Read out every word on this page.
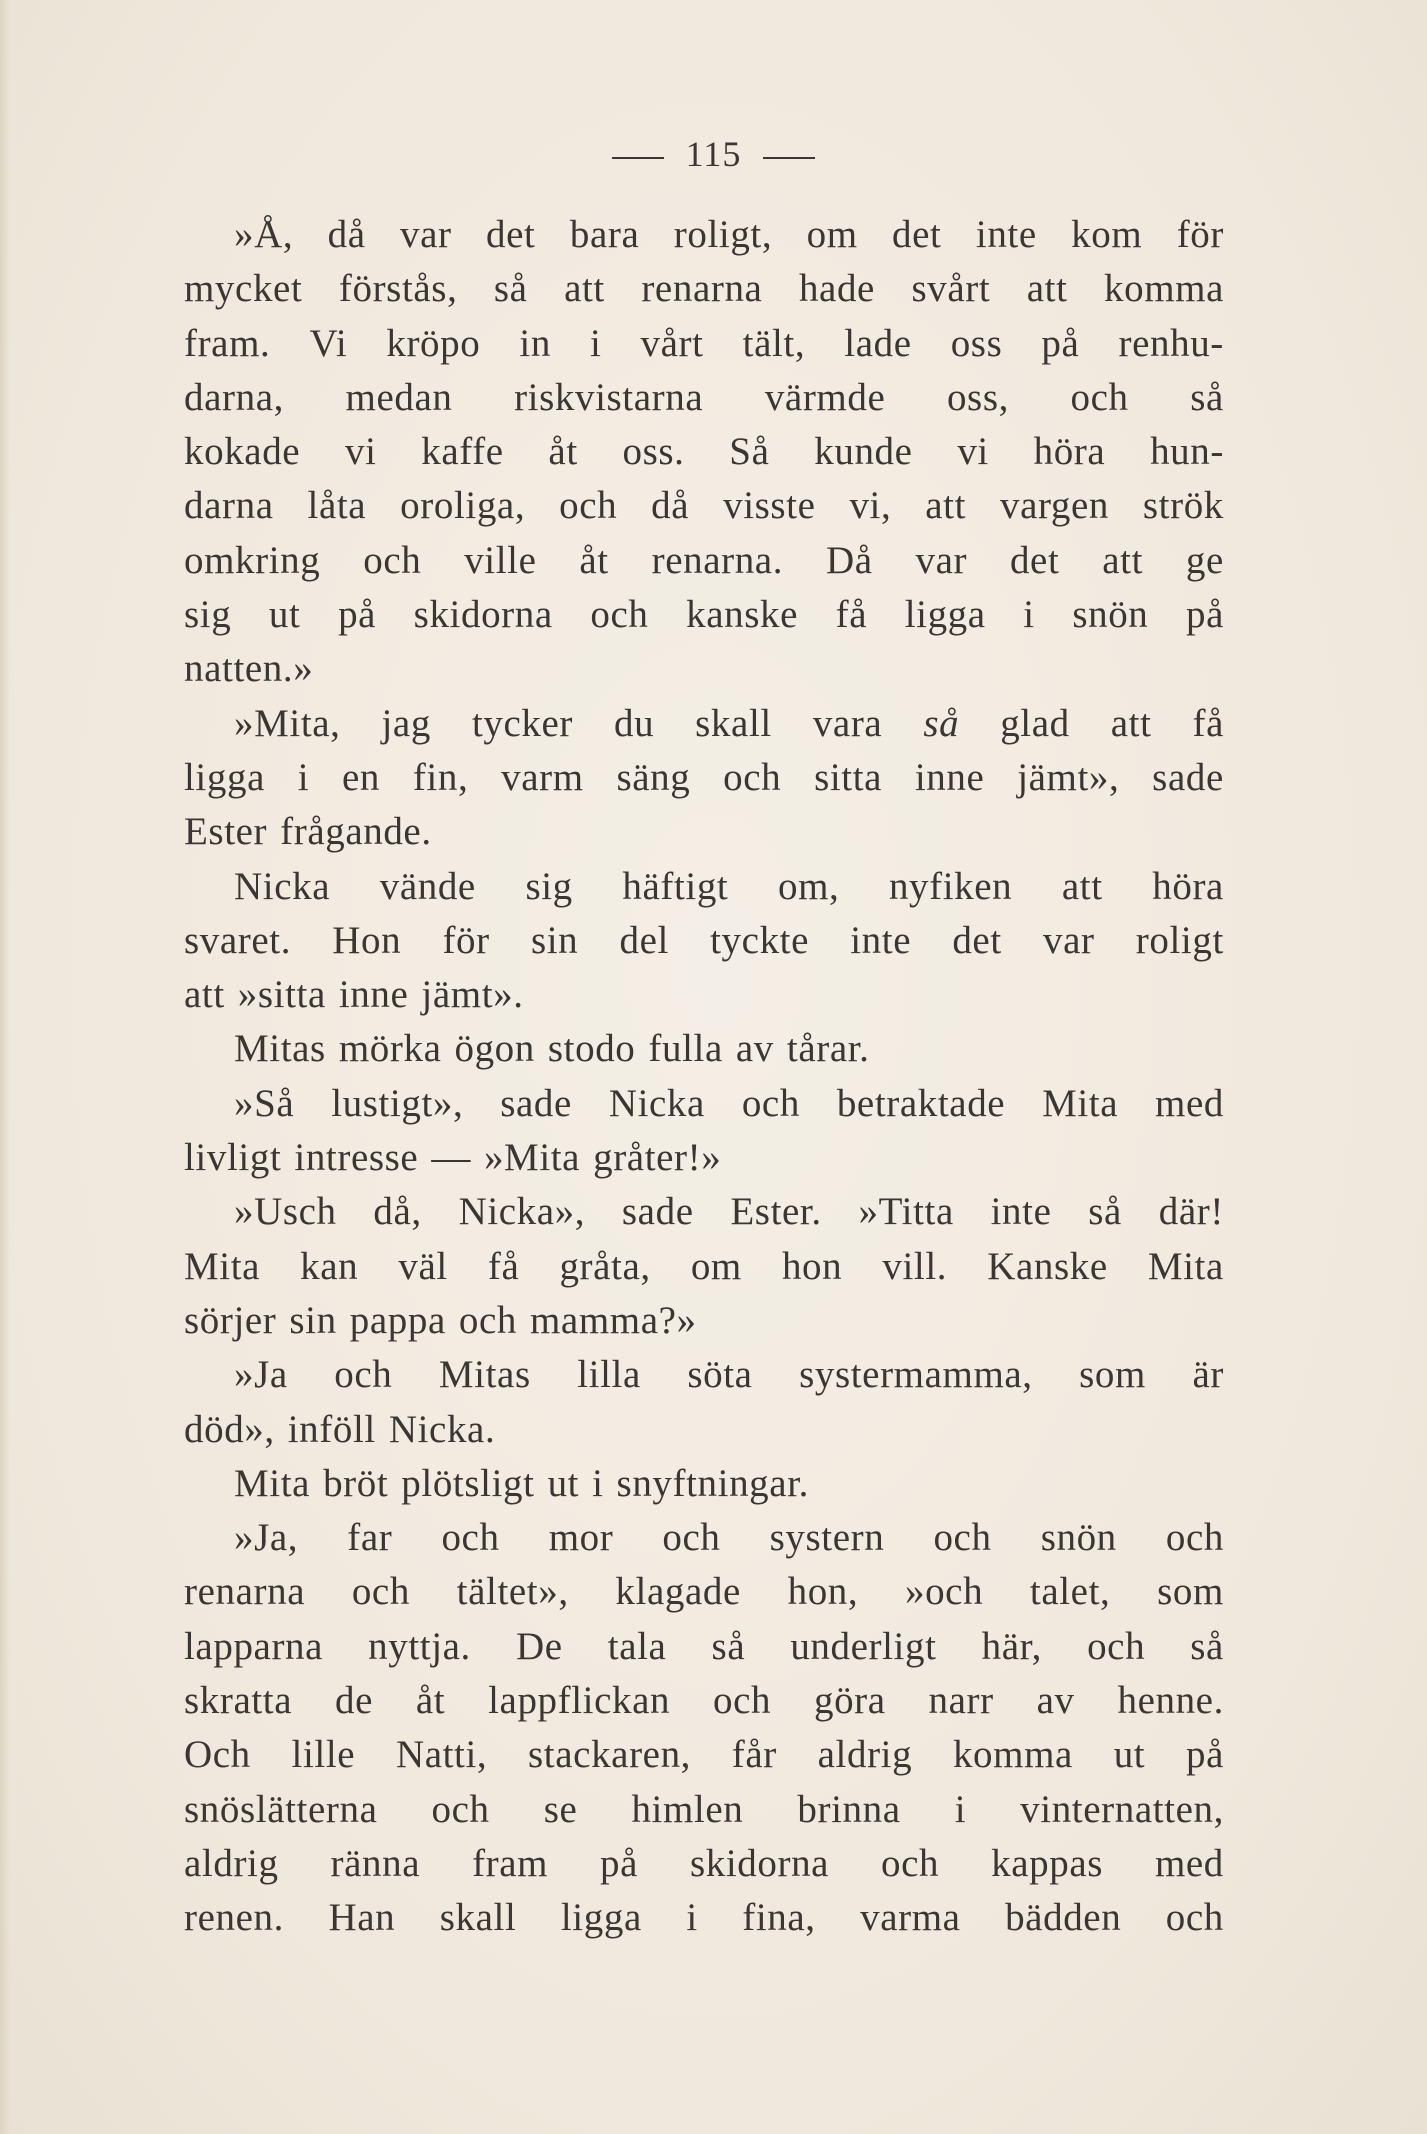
115
»Å, då var det bara roligt, om det inte kom för
mycket förstås, så att renarna hade svårt att komma
fram. Vi kröpo in i vårt tält, lade oss på renhu-
darna, medan riskvistarna värmde oss, och så
kokade vi kaffe åt oss. Så kunde vi höra hun-
darna låta oroliga, och då visste vi, att vargen strök
omkring och ville åt renarna. Då var det att ge
sig ut på skidorna och kanske få ligga i snön på
natten.»
»Mita, jag tycker du skall vara så glad att få
ligga i en fin, varm säng och sitta inne jämt», sade
Ester frågande.
Nicka vände sig häftigt om, nyfiken att höra
svaret. Hon för sin del tyckte inte det var roligt
att »sitta inne jämt».
Mitas mörka ögon stodo fulla av tårar.
»Så lustigt», sade Nicka och betraktade Mita med
livligt intresse — »Mita gråter!»
»Usch då, Nicka», sade Ester. »Titta inte så där!
Mita kan väl få gråta, om hon vill. Kanske Mita
sörjer sin pappa och mamma?»
»Ja och Mitas lilla söta systermamma, som är
död», inföll Nicka.
Mita bröt plötsligt ut i snyftningar.
»Ja, far och mor och systern och snön och
renarna och tältet», klagade hon, »och talet, som
lapparna nyttja. De tala så underligt här, och så
skratta de åt lappflickan och göra narr av henne.
Och lille Natti, stackaren, får aldrig komma ut på
snöslätterna och se himlen brinna i vinternatten,
aldrig ränna fram på skidorna och kappas med
renen. Han skall ligga i fina, varma bädden och
